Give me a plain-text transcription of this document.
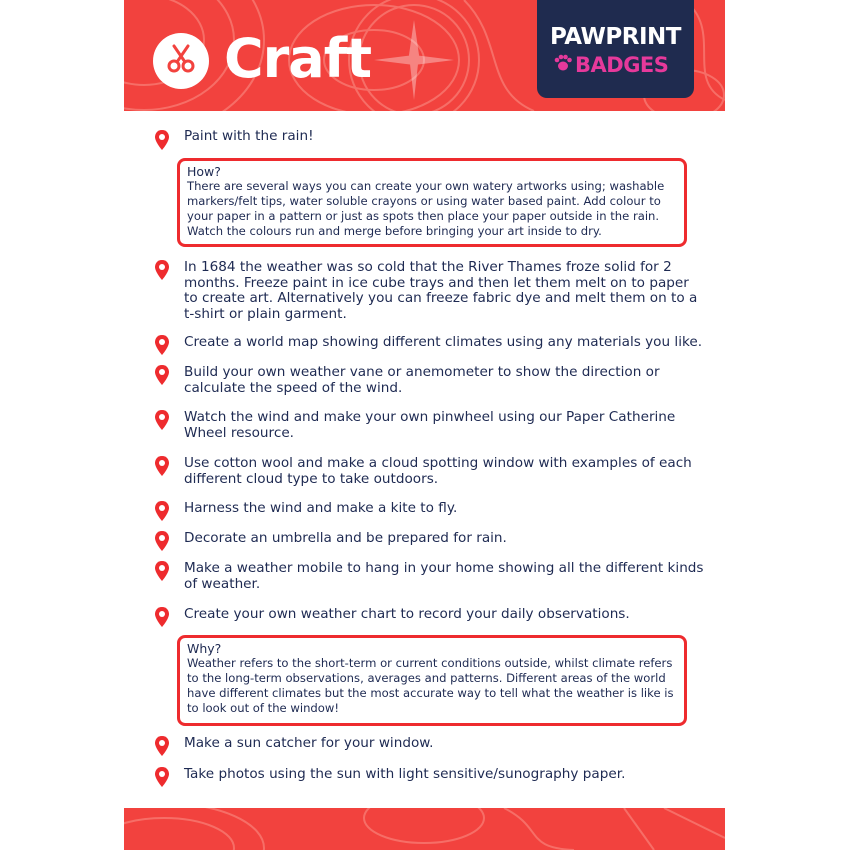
Craft	PAWPRINT
BADGES
Paint with the rain!
How?
There are several ways you can create your own watery artworks using; washable markers/felt tips, water soluble crayons or using water based paint. Add colour to your paper in a pattern or just as spots then place your paper outside in the rain. Watch the colours run and merge before bringing your art inside to dry.
In 1684 the weather was so cold that the River Thames froze solid for 2 months. Freeze paint in ice cube trays and then let them melt on to paper to create art. Alternatively you can freeze fabric dye and melt them on to a t-shirt or plain garment.
Create a world map showing different climates using any materials you like.
Build your own weather vane or anemometer to show the direction or calculate the speed of the wind.
Watch the wind and make your own pinwheel using our Paper Catherine Wheel resource.
Use cotton wool and make a cloud spotting window with examples of each different cloud type to take outdoors.
Harness the wind and make a kite to fly.
Decorate an umbrella and be prepared for rain.
Make a weather mobile to hang in your home showing all the different kinds of weather.
Create your own weather chart to record your daily observations.
Why?
Weather refers to the short-term or current conditions outside, whilst climate refers to the long-term observations, averages and patterns. Different areas of the world have different climates but the most accurate way to tell what the weather is like is to look out of the window!
Make a sun catcher for your window.
Take photos using the sun with light sensitive/sunography paper.
